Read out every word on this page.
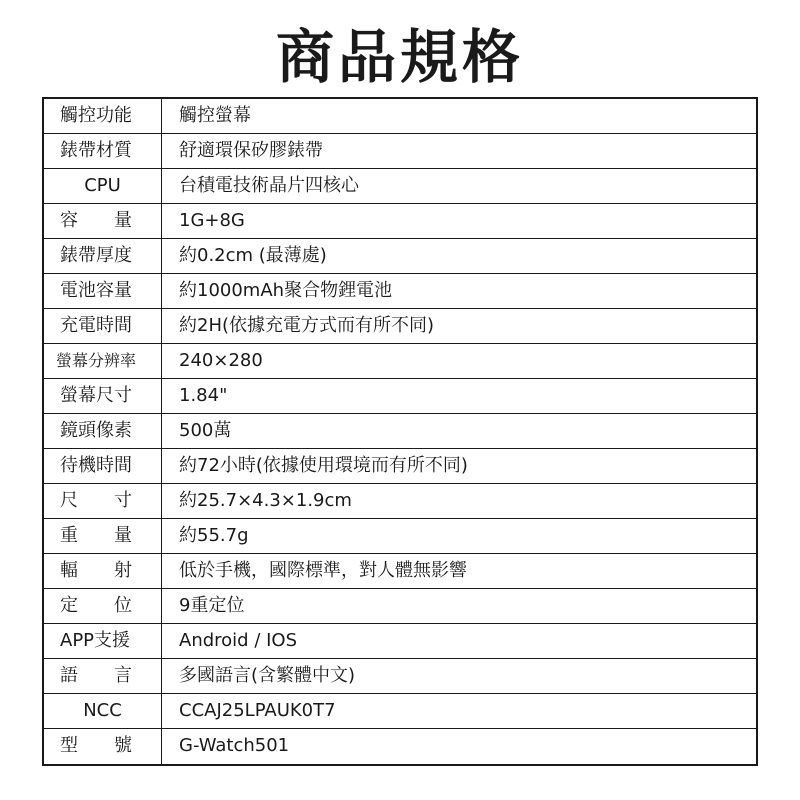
商品規格
觸控功能	觸控螢幕
錶帶材質	舒適環保矽膠錶帶
CPU	台積電技術晶片四核心
容　　量	1G+8G
錶帶厚度	約0.2cm (最薄處)
電池容量	約1000mAh聚合物鋰電池
充電時間	約2H(依據充電方式而有所不同)
螢幕分辨率	240×280
螢幕尺寸	1.84"
鏡頭像素	500萬
待機時間	約72小時(依據使用環境而有所不同)
尺　　寸	約25.7×4.3×1.9cm
重　　量	約55.7g
輻　　射	低於手機，國際標準，對人體無影響
定　　位	9重定位
APP支援	Android / IOS
語　　言	多國語言(含繁體中文)
NCC	CCAJ25LPAUK0T7
型　　號	G-Watch501
